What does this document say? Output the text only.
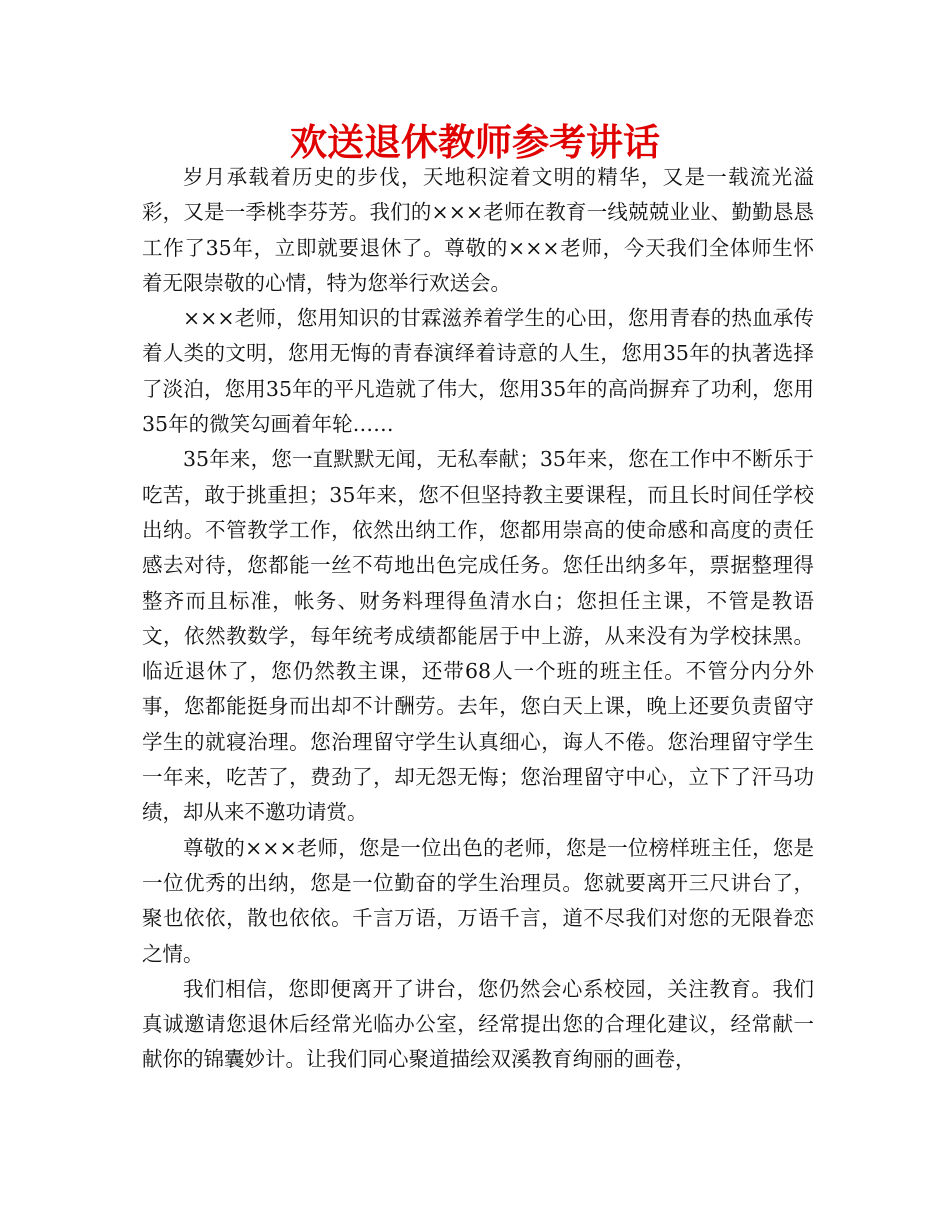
欢送退休教师参考讲话

岁月承载着历史的步伐，天地积淀着文明的精华，又是一载流光溢彩，又是一季桃李芬芳。我们的×××老师在教育一线兢兢业业、勤勤恳恳工作了35年，立即就要退休了。尊敬的×××老师，今天我们全体师生怀着无限崇敬的心情，特为您举行欢送会。

×××老师，您用知识的甘霖滋养着学生的心田，您用青春的热血承传着人类的文明，您用无悔的青春演绎着诗意的人生，您用35年的执著选择了淡泊，您用35年的平凡造就了伟大，您用35年的高尚摒弃了功利，您用35年的微笑勾画着年轮……

35年来，您一直默默无闻，无私奉献；35年来，您在工作中不断乐于吃苦，敢于挑重担；35年来，您不但坚持教主要课程，而且长时间任学校出纳。不管教学工作，依然出纳工作，您都用崇高的使命感和高度的责任感去对待，您都能一丝不苟地出色完成任务。您任出纳多年，票据整理得整齐而且标准，帐务、财务料理得鱼清水白；您担任主课，不管是教语文，依然教数学，每年统考成绩都能居于中上游，从来没有为学校抹黑。临近退休了，您仍然教主课，还带68人一个班的班主任。不管分内分外事，您都能挺身而出却不计酬劳。去年，您白天上课，晚上还要负责留守学生的就寝治理。您治理留守学生认真细心，诲人不倦。您治理留守学生一年来，吃苦了，费劲了，却无怨无悔；您治理留守中心，立下了汗马功绩，却从来不邀功请赏。

尊敬的×××老师，您是一位出色的老师，您是一位榜样班主任，您是一位优秀的出纳，您是一位勤奋的学生治理员。您就要离开三尺讲台了，聚也依依，散也依依。千言万语，万语千言，道不尽我们对您的无限眷恋之情。

我们相信，您即便离开了讲台，您仍然会心系校园，关注教育。我们真诚邀请您退休后经常光临办公室，经常提出您的合理化建议，经常献一献你的锦囊妙计。让我们同心聚道描绘双溪教育绚丽的画卷，
